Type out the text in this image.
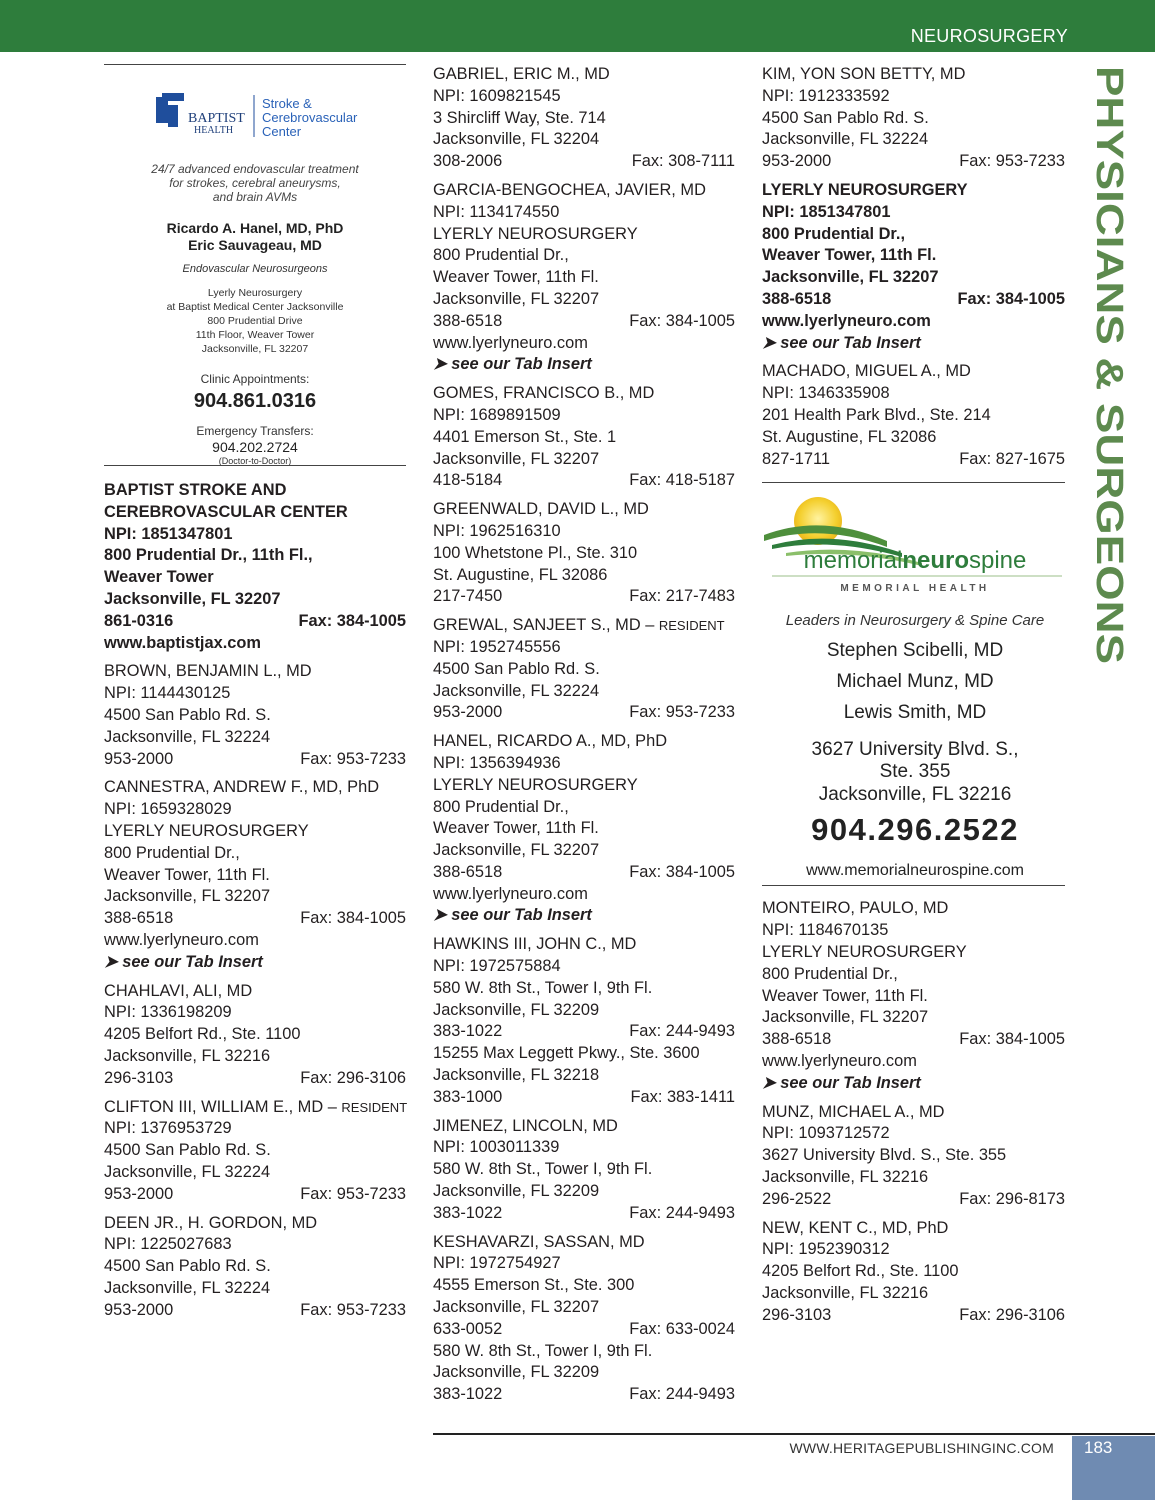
NEUROSURGERY
PHYSICIANS & SURGEONS
BAPTIST
HEALTH
Stroke &
Cerebrovascular
Center
24/7 advanced endovascular treatment
for strokes, cerebral aneurysms,
and brain AVMs
Ricardo A. Hanel, MD, PhD
Eric Sauvageau, MD
Endovascular Neurosurgeons
Lyerly Neurosurgery
at Baptist Medical Center Jacksonville
800 Prudential Drive
11th Floor, Weaver Tower
Jacksonville, FL 32207
Clinic Appointments:
904.861.0316
Emergency Transfers:
904.202.2724
(Doctor-to-Doctor)
BAPTIST STROKE AND
CEREBROVASCULAR CENTER
NPI: 1851347801
800 Prudential Dr., 11th Fl.,
Weaver Tower
Jacksonville, FL 32207
861-0316	Fax: 384-1005
www.baptistjax.com
BROWN, BENJAMIN L., MD
NPI: 1144430125
4500 San Pablo Rd. S.
Jacksonville, FL 32224
953-2000	Fax: 953-7233
CANNESTRA, ANDREW F., MD, PhD
NPI: 1659328029
LYERLY NEUROSURGERY
800 Prudential Dr.,
Weaver Tower, 11th Fl.
Jacksonville, FL 32207
388-6518	Fax: 384-1005
www.lyerlyneuro.com
➤ see our Tab Insert
CHAHLAVI, ALI, MD
NPI: 1336198209
4205 Belfort Rd., Ste. 1100
Jacksonville, FL 32216
296-3103	Fax: 296-3106
CLIFTON III, WILLIAM E., MD – RESIDENT
NPI: 1376953729
4500 San Pablo Rd. S.
Jacksonville, FL 32224
953-2000	Fax: 953-7233
DEEN JR., H. GORDON, MD
NPI: 1225027683
4500 San Pablo Rd. S.
Jacksonville, FL 32224
953-2000	Fax: 953-7233
GABRIEL, ERIC M., MD
NPI: 1609821545
3 Shircliff Way, Ste. 714
Jacksonville, FL 32204
308-2006	Fax: 308-7111
GARCIA-BENGOCHEA, JAVIER, MD
NPI: 1134174550
LYERLY NEUROSURGERY
800 Prudential Dr.,
Weaver Tower, 11th Fl.
Jacksonville, FL 32207
388-6518	Fax: 384-1005
www.lyerlyneuro.com
➤ see our Tab Insert
GOMES, FRANCISCO B., MD
NPI: 1689891509
4401 Emerson St., Ste. 1
Jacksonville, FL 32207
418-5184	Fax: 418-5187
GREENWALD, DAVID L., MD
NPI: 1962516310
100 Whetstone Pl., Ste. 310
St. Augustine, FL 32086
217-7450	Fax: 217-7483
GREWAL, SANJEET S., MD – RESIDENT
NPI: 1952745556
4500 San Pablo Rd. S.
Jacksonville, FL 32224
953-2000	Fax: 953-7233
HANEL, RICARDO A., MD, PhD
NPI: 1356394936
LYERLY NEUROSURGERY
800 Prudential Dr.,
Weaver Tower, 11th Fl.
Jacksonville, FL 32207
388-6518	Fax: 384-1005
www.lyerlyneuro.com
➤ see our Tab Insert
HAWKINS III, JOHN C., MD
NPI: 1972575884
580 W. 8th St., Tower I, 9th Fl.
Jacksonville, FL 32209
383-1022	Fax: 244-9493
15255 Max Leggett Pkwy., Ste. 3600
Jacksonville, FL 32218
383-1000	Fax: 383-1411
JIMENEZ, LINCOLN, MD
NPI: 1003011339
580 W. 8th St., Tower I, 9th Fl.
Jacksonville, FL 32209
383-1022	Fax: 244-9493
KESHAVARZI, SASSAN, MD
NPI: 1972754927
4555 Emerson St., Ste. 300
Jacksonville, FL 32207
633-0052	Fax: 633-0024
580 W. 8th St., Tower I, 9th Fl.
Jacksonville, FL 32209
383-1022	Fax: 244-9493
KIM, YON SON BETTY, MD
NPI: 1912333592
4500 San Pablo Rd. S.
Jacksonville, FL 32224
953-2000	Fax: 953-7233
LYERLY NEUROSURGERY
NPI: 1851347801
800 Prudential Dr.,
Weaver Tower, 11th Fl.
Jacksonville, FL 32207
388-6518	Fax: 384-1005
www.lyerlyneuro.com
➤ see our Tab Insert
MACHADO, MIGUEL A., MD
NPI: 1346335908
201 Health Park Blvd., Ste. 214
St. Augustine, FL 32086
827-1711	Fax: 827-1675
memorialneurospine
MEMORIAL HEALTH
Leaders in Neurosurgery & Spine Care
Stephen Scibelli, MD
Michael Munz, MD
Lewis Smith, MD
3627 University Blvd. S.,
Ste. 355
Jacksonville, FL 32216
904.296.2522
www.memorialneurospine.com
MONTEIRO, PAULO, MD
NPI: 1184670135
LYERLY NEUROSURGERY
800 Prudential Dr.,
Weaver Tower, 11th Fl.
Jacksonville, FL 32207
388-6518	Fax: 384-1005
www.lyerlyneuro.com
➤ see our Tab Insert
MUNZ, MICHAEL A., MD
NPI: 1093712572
3627 University Blvd. S., Ste. 355
Jacksonville, FL 32216
296-2522	Fax: 296-8173
NEW, KENT C., MD, PhD
NPI: 1952390312
4205 Belfort Rd., Ste. 1100
Jacksonville, FL 32216
296-3103	Fax: 296-3106
WWW.HERITAGEPUBLISHINGINC.COM 183
